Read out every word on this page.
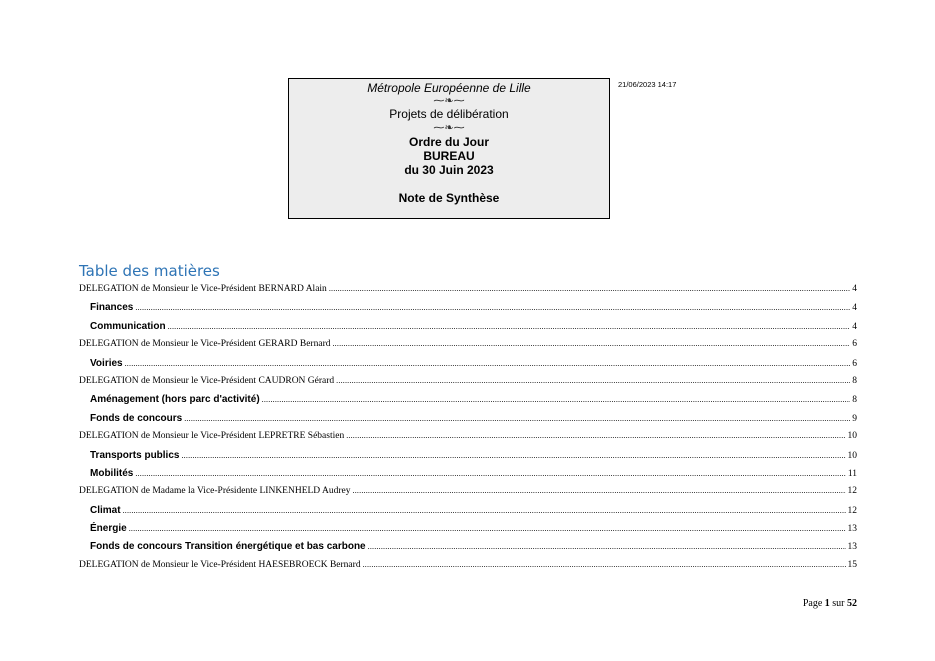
Métropole Européenne de Lille
⁓❧⁓
Projets de délibération
⁓❧⁓
Ordre du Jour
BUREAU
du 30 Juin 2023
Note de Synthèse
21/06/2023 14:17
Table des matières
DELEGATION de Monsieur le Vice-Président BERNARD Alain .....	4
Finances .....	4
Communication .....	4
DELEGATION de Monsieur le Vice-Président GERARD Bernard .....	6
Voiries .....	6
DELEGATION de Monsieur le Vice-Président CAUDRON Gérard .....	8
Aménagement (hors parc d'activité) .....	8
Fonds de concours .....	9
DELEGATION de Monsieur le Vice-Président LEPRETRE Sébastien .....	10
Transports publics .....	10
Mobilités .....	11
DELEGATION de Madame la Vice-Présidente LINKENHELD Audrey .....	12
Climat .....	12
Énergie .....	13
Fonds de concours Transition énergétique et bas carbone .....	13
DELEGATION de Monsieur le Vice-Président HAESEBROECK Bernard .....	15
Page 1 sur 52
